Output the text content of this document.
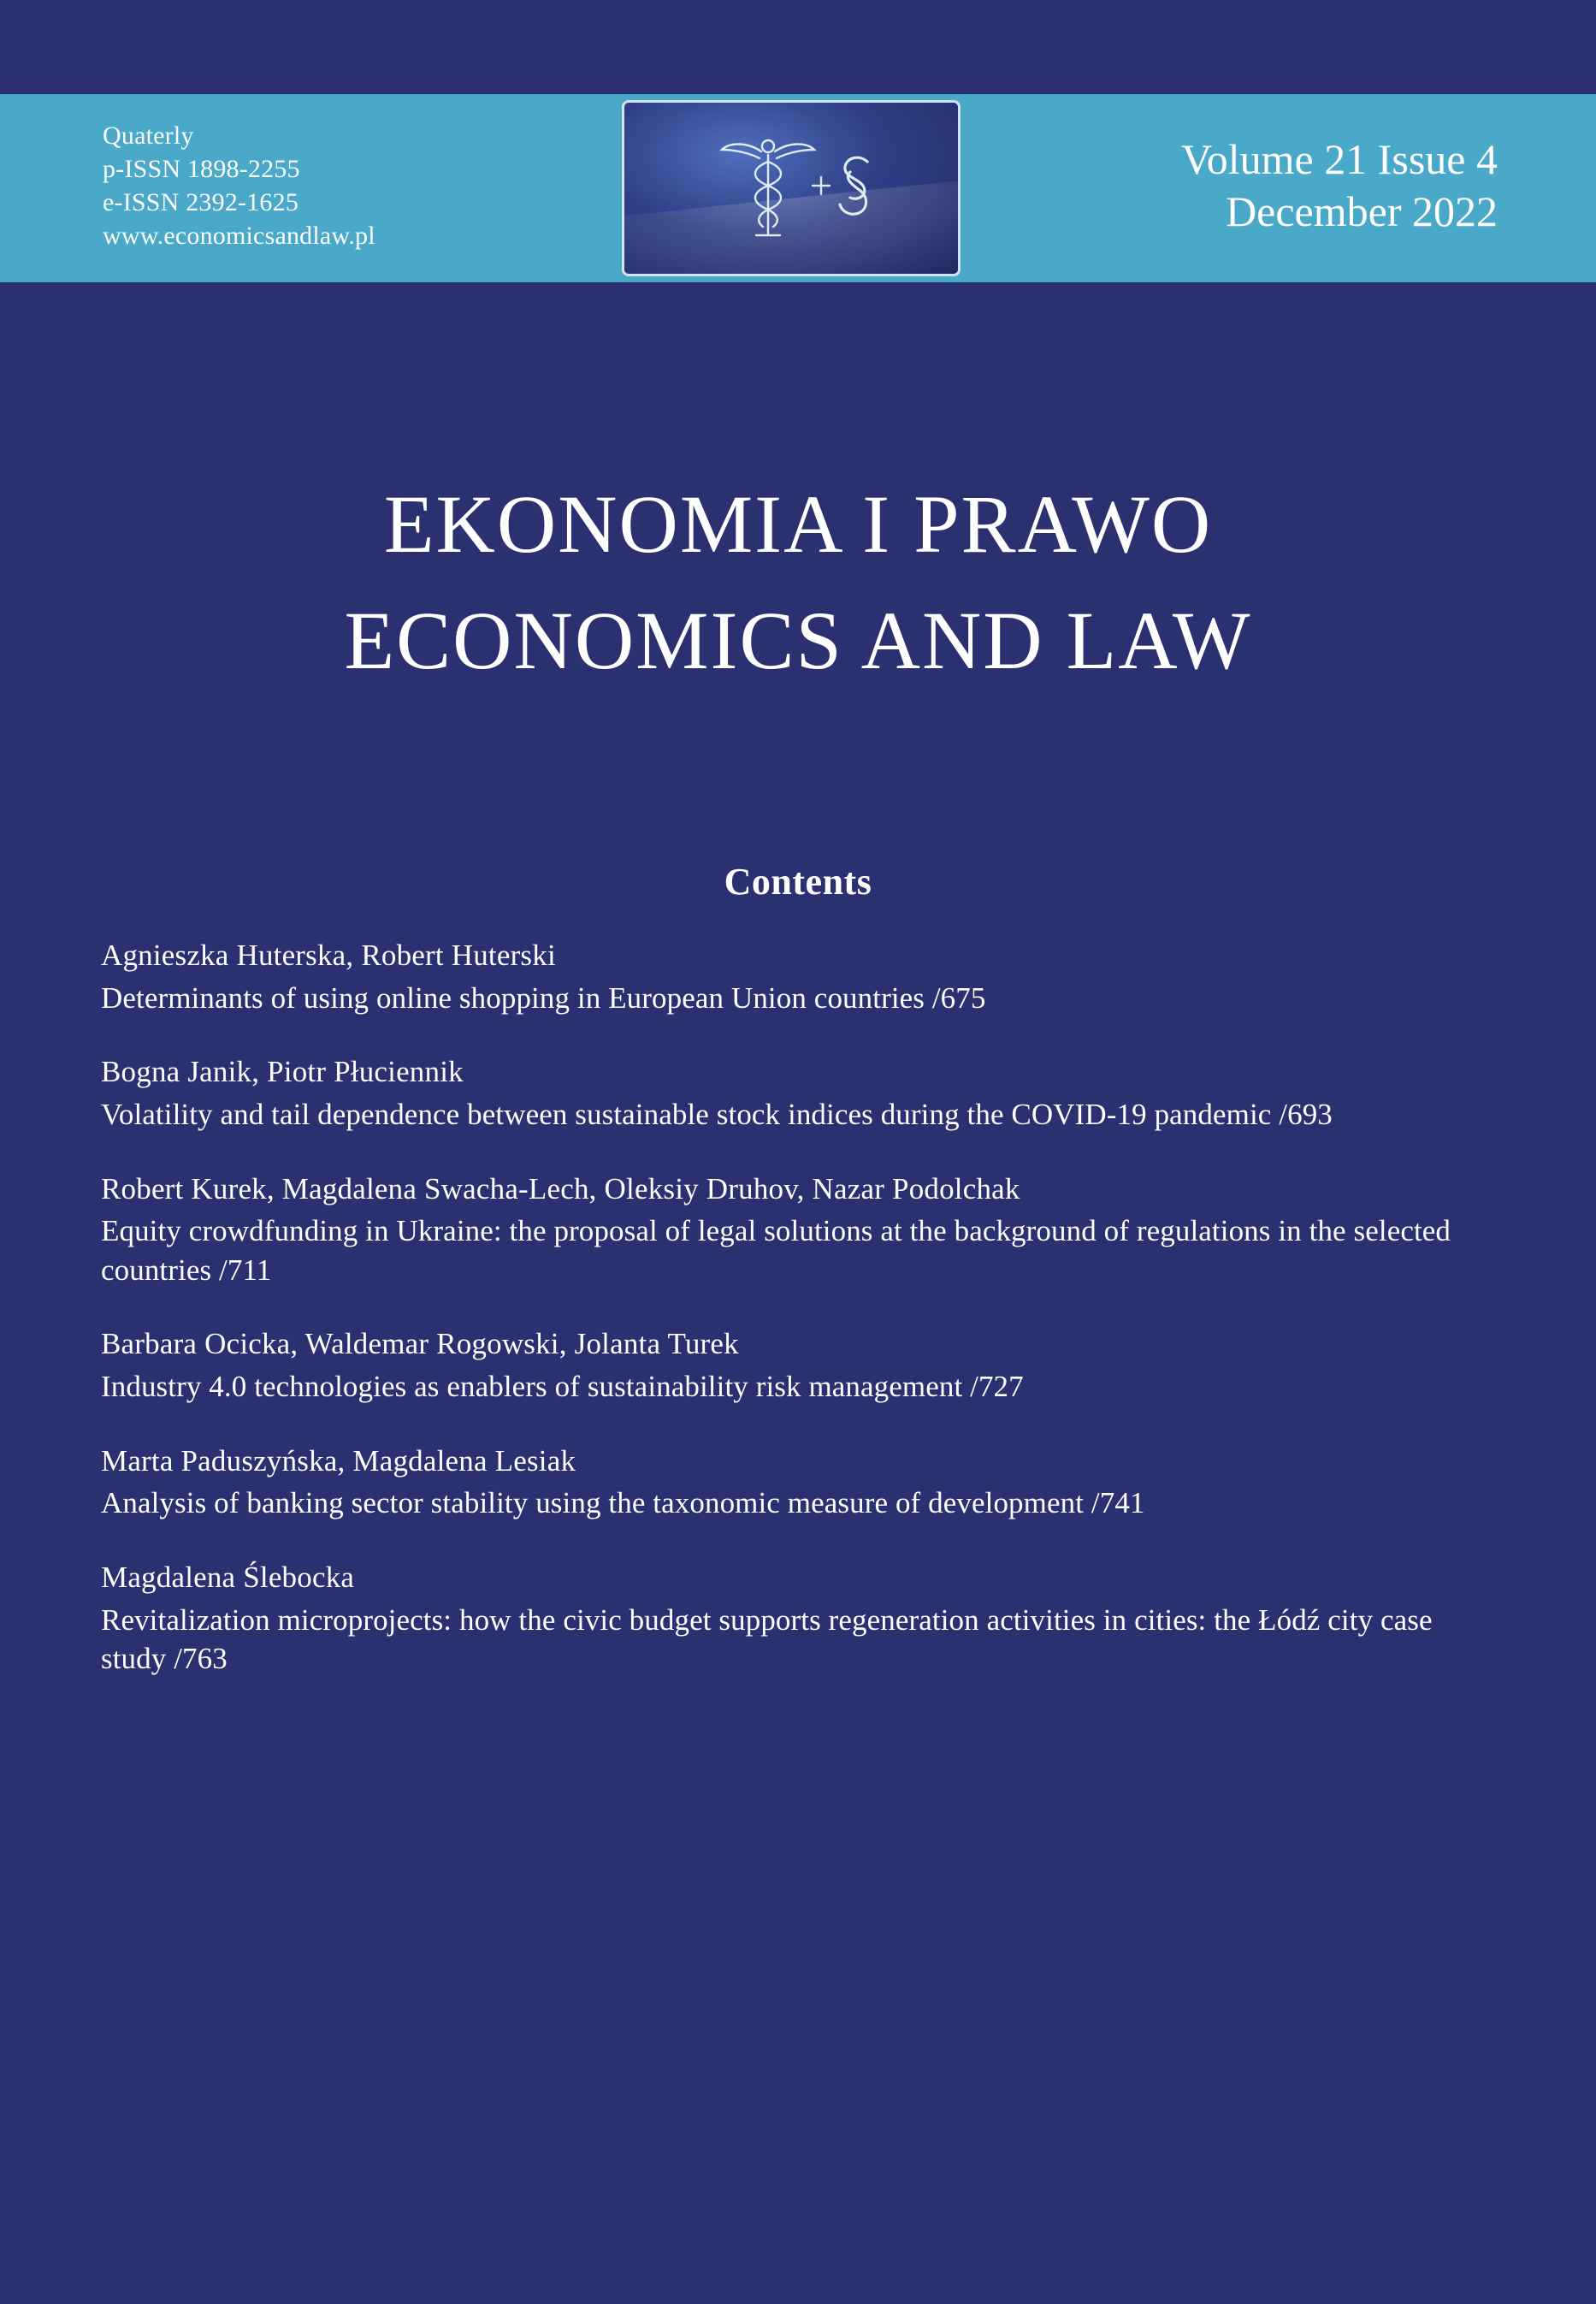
Quaterly
p-ISSN 1898-2255
e-ISSN 2392-1625
www.economicsandlaw.pl
Volume 21 Issue 4
December 2022
EKONOMIA I PRAWO
ECONOMICS AND LAW
Contents
Agnieszka Huterska, Robert Huterski
Determinants of using online shopping in European Union countries /675
Bogna Janik, Piotr Płuciennik
Volatility and tail dependence between sustainable stock indices during the COVID-19 pandemic /693
Robert Kurek, Magdalena Swacha-Lech, Oleksiy Druhov, Nazar Podolchak
Equity crowdfunding in Ukraine: the proposal of legal solutions at the background of regulations in the selected countries /711
Barbara Ocicka, Waldemar Rogowski, Jolanta Turek
Industry 4.0 technologies as enablers of sustainability risk management /727
Marta Paduszyńska, Magdalena Lesiak
Analysis of banking sector stability using the taxonomic measure of development /741
Magdalena Ślebocka
Revitalization microprojects: how the civic budget supports regeneration activities in cities: the Łódź city case study /763
